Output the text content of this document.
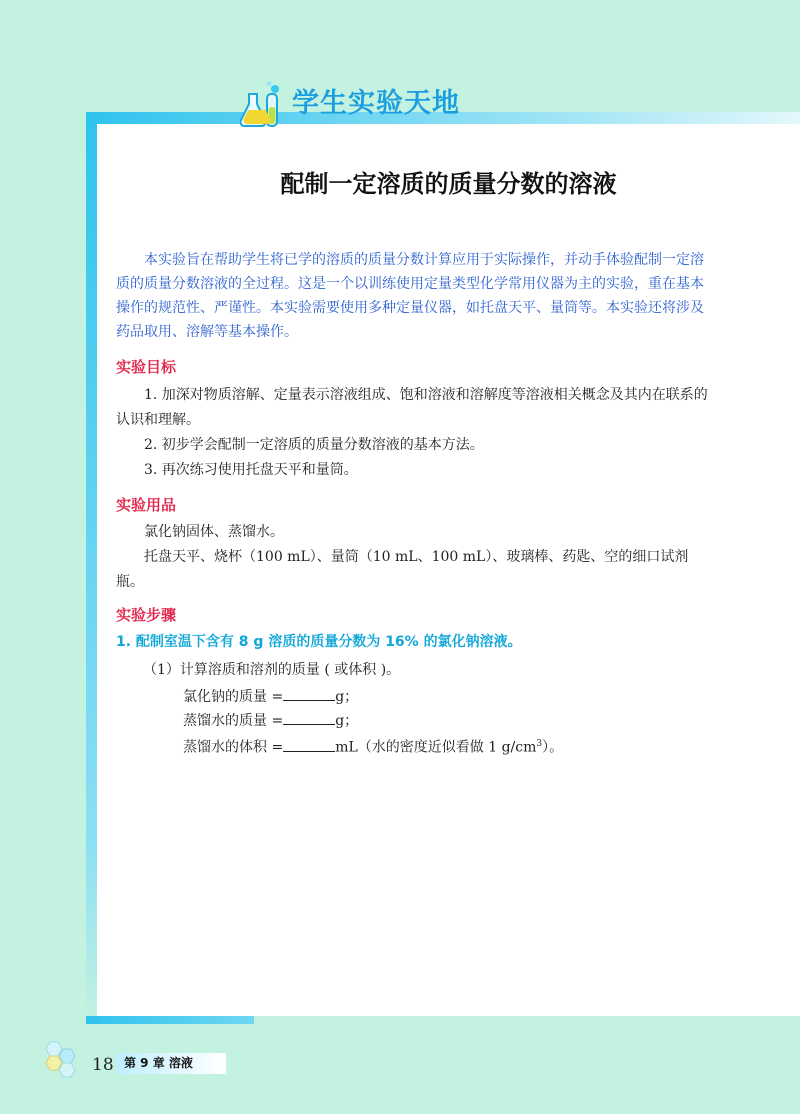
学生实验天地
配制一定溶质的质量分数的溶液

本实验旨在帮助学生将已学的溶质的质量分数计算应用于实际操作，并动手体验配制一定溶质的质量分数溶液的全过程。这是一个以训练使用定量类型化学常用仪器为主的实验，重在基本操作的规范性、严谨性。本实验需要使用多种定量仪器，如托盘天平、量筒等。本实验还将涉及药品取用、溶解等基本操作。

实验目标

1. 加深对物质溶解、定量表示溶液组成、饱和溶液和溶解度等溶液相关概念及其内在联系的认识和理解。

2. 初步学会配制一定溶质的质量分数溶液的基本方法。

3. 再次练习使用托盘天平和量筒。

实验用品

氯化钠固体、蒸馏水。

托盘天平、烧杯（100 mL）、量筒（10 mL、100 mL）、玻璃棒、药匙、空的细口试剂瓶。

实验步骤

1. 配制室温下含有 8 g 溶质的质量分数为 16% 的氯化钠溶液。

（1）计算溶质和溶剂的质量 ( 或体积 )。

氯化钠的质量 =	g；

蒸馏水的质量 =	g；

蒸馏水的体积 =	mL（水的密度近似看做 1 $g/cm^3$）。

18 第 9 章 溶液
